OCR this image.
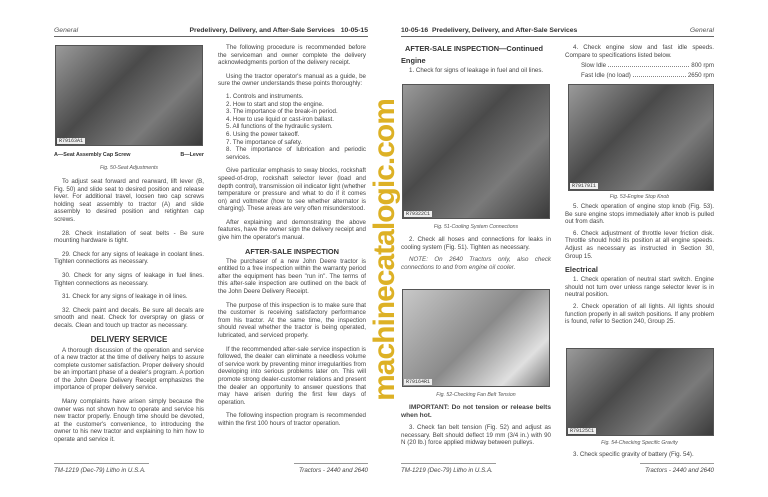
General	Predelivery, Delivery, and After-Sale Services 10-05-15
R79163A1
A—Seat Assembly Cap Screw	B—Lever
Fig. 50-Seat Adjustments

To adjust seat forward and rearward, lift lever (B, Fig. 50) and slide seat to desired position and release lever. For additional travel, loosen two cap screws holding seat assembly to tractor (A) and slide assembly to desired position and retighten cap screws.

28. Check installation of seat belts - Be sure mounting hardware is tight.

29. Check for any signs of leakage in coolant lines. Tighten connections as necessary.

30. Check for any signs of leakage in fuel lines. Tighten connections as necessary.

31. Check for any signs of leakage in oil lines.

32. Check paint and decals. Be sure all decals are smooth and neat. Check for overspray on glass or decals. Clean and touch up tractor as necessary.

DELIVERY SERVICE

A thorough discussion of the operation and service of a new tractor at the time of delivery helps to assure complete customer satisfaction. Proper delivery should be an important phase of a dealer's program. A portion of the John Deere Delivery Receipt emphasizes the importance of proper delivery service.

Many complaints have arisen simply because the owner was not shown how to operate and service his new tractor properly. Enough time should be devoted, at the customer's convenience, to introducing the owner to his new tractor and explaining to him how to operate and service it.

The following procedure is recommended before the serviceman and owner complete the delivery acknowledgments portion of the delivery receipt.

Using the tractor operator's manual as a guide, be sure the owner understands these points thoroughly:

1. Controls and instruments.
2. How to start and stop the engine.
3. The importance of the break-in period.
4. How to use liquid or cast-iron ballast.
5. All functions of the hydraulic system.
6. Using the power takeoff.
7. The importance of safety.
8. The importance of lubrication and periodic services.

Give particular emphasis to sway blocks, rockshaft speed-of-drop, rockshaft selector lever (load and depth control), transmission oil indicator light (whether temperature or pressure and what to do if it comes on) and voltmeter (how to see whether alternator is charging). These areas are very often misunderstood.

After explaining and demonstrating the above features, have the owner sign the delivery receipt and give him the operator's manual.

AFTER-SALE INSPECTION

The purchaser of a new John Deere tractor is entitled to a free inspection within the warranty period after the equipment has been "run in". The terms of this after-sale inspection are outlined on the back of the John Deere Delivery Receipt.

The purpose of this inspection is to make sure that the customer is receiving satisfactory performance from his tractor. At the same time, the inspection should reveal whether the tractor is being operated, lubricated, and serviced properly.

If the recommended after-sale service inspection is followed, the dealer can eliminate a needless volume of service work by preventing minor irregularities from developing into serious problems later on. This will promote strong dealer-customer relations and present the dealer an opportunity to answer questions that may have arisen during the first few days of operation.

The following inspection program is recommended within the first 100 hours of tractor operation.

TM-1219 (Dec-79) Litho in U.S.A.	Tractors - 2440 and 2640
10-05-16 Predelivery, Delivery, and After-Sale Services	General
AFTER-SALE INSPECTION—Continued
Engine

1. Check for signs of leakage in fuel and oil lines.

R79322C1
Fig. 51-Cooling System Connections

2. Check all hoses and connections for leaks in cooling system (Fig. 51). Tighten as necessary.

NOTE: On 2640 Tractors only, also check connections to and from engine oil cooler.

R79164R1
Fig. 52-Checking Fan Belt Tension

IMPORTANT: Do not tension or release belts when hot.

3. Check fan belt tension (Fig. 52) and adjust as necessary. Belt should deflect 19 mm (3/4 in.) with 90 N (20 lb.) force applied midway between pulleys.

4. Check engine slow and fast idle speeds. Compare to specifications listed below.

Slow Idle	800 rpm
Fast Idle (no load)	2650 rpm
R79179I1
Fig. 53-Engine Stop Knob

5. Check operation of engine stop knob (Fig. 53). Be sure engine stops immediately after knob is pulled out from dash.

6. Check adjustment of throttle lever friction disk. Throttle should hold its position at all engine speeds. Adjust as necessary as instructed in Section 30, Group 15.

Electrical

1. Check operation of neutral start switch. Engine should not turn over unless range selector lever is in neutral position.

2. Check operation of all lights. All lights should function properly in all switch positions. If any problem is found, refer to Section 240, Group 25.

R79125C1
Fig. 54-Checking Specific Gravity

3. Check specific gravity of battery (Fig. 54).

TM-1219 (Dec-79) Litho in U.S.A.	Tractors - 2440 and 2640
machinecatalogic.com
